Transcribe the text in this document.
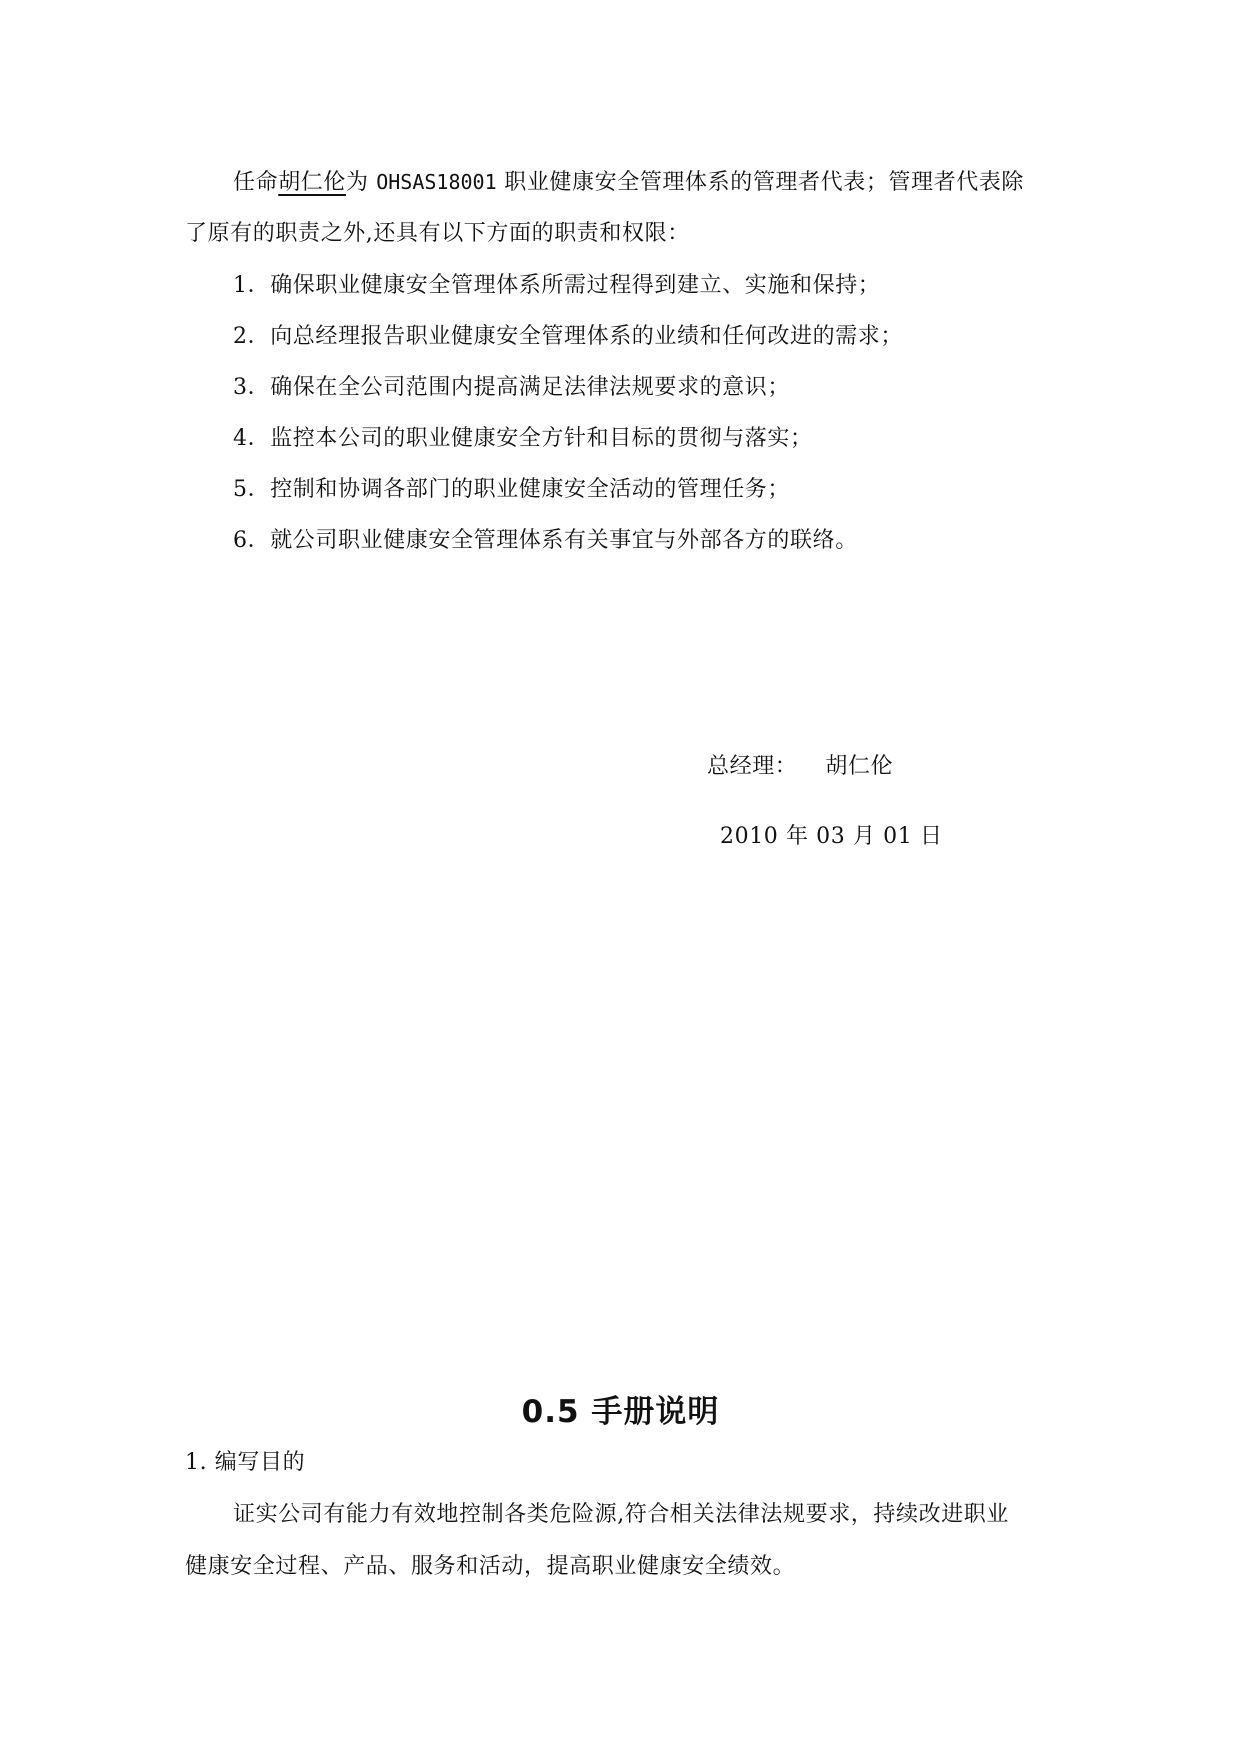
任命胡仁伦为 OHSAS18001 职业健康安全管理体系的管理者代表；管理者代表除
了原有的职责之外,还具有以下方面的职责和权限：
1．确保职业健康安全管理体系所需过程得到建立、实施和保持；
2．向总经理报告职业健康安全管理体系的业绩和任何改进的需求；
3．确保在全公司范围内提高满足法律法规要求的意识；
4．监控本公司的职业健康安全方针和目标的贯彻与落实；
5．控制和协调各部门的职业健康安全活动的管理任务；
6．就公司职业健康安全管理体系有关事宜与外部各方的联络。
总经理： 胡仁伦
2010 年 03 月 01 日
0.5 手册说明
1. 编写目的
证实公司有能力有效地控制各类危险源,符合相关法律法规要求，持续改进职业
健康安全过程、产品、服务和活动，提高职业健康安全绩效。
